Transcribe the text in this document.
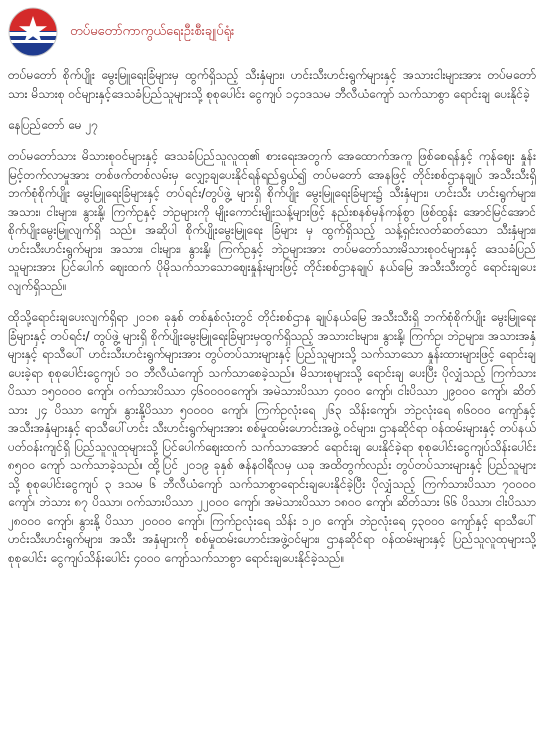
တပ်မတော်ကာကွယ်ရေးဦးစီးချုပ်ရုံး

တပ်မတော် စိုက်ပျိုး မွေးမြူရေးခြံများမှ ထွက်ရှိသည့် သီးနှံများ၊ ဟင်းသီးဟင်းရွက်များနှင့် အသားငါးများအား တပ်မတော်သား မိသားစု ဝင်များနှင့်ဒေသခံပြည်သူများသို့ စုစုပေါင်း ငွေကျပ် ၁၄၁ဒသမ ဘီလီယံကျော် သက်သာစွာ ရောင်းချ ပေးနိုင်ခဲ့

နေပြည်တော် မေ ၂၇

တပ်မတော်သား မိသားစုဝင်များနှင့် ဒေသခံပြည်သူလူထု၏ စားရေးအတွက် အေထောက်အကူ ဖြစ်စေရန်နှင့် ကုန်ဈေး နှုန်း မြင့်တက်လာမှုအား တစ်ဖက်တစ်လမ်းမှ လျှော့ချပေးနိုင်ရန်ရည်ရွယ်၍ တပ်မတော် အေနဖြင့် တိုင်းစစ်ဌာနချုပ် အသီးသီးရှိ ဘက်စုံစိုက်ပျိုး မွေးမြူရေးခြံများနှင့် တပ်ရင်း/တွပ်ဖွဲ့ များရှိ စိုက်ပျိုး မွေးမြူရေးခြံများ၌ သီးနှံများ၊ ဟင်းသီး ဟင်းရွက်များ၊ အသား၊ ငါးများ၊ နွားနို့၊ ကြက်ဥနှင့် ဘဲဥများကို မျိုးကောင်းမျိုးသန့်များဖြင့် နည်းစနစ်မှန်ကန်စွာ ဖြစ်ထွန်း အောင်မြင်အောင် စိုက်ပျိုးမွေးမြူလျက်ရှိ သည်။ အဆိုပါ စိုက်ပျိုးမွေးမြူရေး ခြံများ မှ ထွက်ရှိသည့် သန့်ရှင်းလတ်ဆတ်သော သီးနှံများ၊ ဟင်းသီးဟင်းရွက်များ၊ အသား၊ ငါးများ၊ နွားနို့၊ ကြက်ဥနှင့် ဘဲဥများအား တပ်မတော်သားမိသားစုဝင်များနှင့် ဒေသခံပြည်သူများအား ပြင်ပေါက် ဈေးထက် ပိုမိုသက်သာသောဈေးနှုန်းများဖြင့် တိုင်းစစ်ဌာနချုပ် နယ်မြေ အသီးသီးတွင် ရောင်းချပေးလျက်ရှိသည်။

ထိုသို့ရောင်းချပေးလျက်ရှိရာ ၂၀၁၈ ခုနှစ် တစ်နှစ်လုံးတွင် တိုင်းစစ်ဌာန ချုပ်နယ်မြေ အသီးသီးရှိ ဘက်စုံစိုက်ပျိုး မွေးမြူရေး ခြံများနှင့် တပ်ရင်း/ တွပ်ဖွဲ့ များရှိ စိုက်ပျိုးမွေးမြူရေးခြံများမှထွက်ရှိသည့် အသားငါးများ၊ နွားနို့၊ ကြက်ဥ၊ ဘဲဥများ၊ အသားအနှံများနှင့် ရာသီပေါ် ဟင်းသီးဟင်းရွက်များအား တွပ်တပ်သားများနှင့် ပြည်သူများသို့ သက်သာသော နှုန်းထားများဖြင့် ရောင်းချပေးခဲ့ရာ စုစုပေါင်းငွေကျပ် ၁၀ ဘီလီယံကျော် သက်သာစေခဲ့သည်။ မိသားစုများသို့ ရောင်းချ ပေးပြီး ပိုလျှံသည့် ကြက်သားပိဿာ ၁၅၀၀၀၀ ကျော်၊ ဝက်သားပိဿာ ၄၆၀၀၀၀ကျော်၊ အမဲသားပိဿာ ၄၀၀၀ ကျော်၊ ငါးပိဿာ ၂၉၀၀၀ ကျော်၊ ဆိတ်သား ၂၄ ပိဿာ ကျော်၊ နွားနို့ပိဿာ ၅၀၀၀၀ ကျော်၊ ကြက်ဥလုံးရေ ၂၆၃ သိန်းကျော်၊ ဘဲဥလုံးရေ ၈၆၀၀၀ ကျော်နှင့် အသီးအနှံများနှင့် ရာသီပေါ်ဟင်း သီးဟင်းရွက်များအား စစ်မှုထမ်းဟောင်းအဖွဲ့ ဝင်များ၊ ဌာနဆိုင်ရာ ဝန်ထမ်းများနှင့် တပ်နယ် ပတ်ဝန်းကျင်ရှိ ပြည်သူလူထုများသို့ ပြင်ပေါက်ဈေးထက် သက်သာအောင် ရောင်းချ ပေးနိုင်ခဲ့ရာ စုစုပေါင်းငွေကျပ်သိန်းပေါင်း ၈၅၀၀ ကျော် သက်သာခဲ့သည်။ ထို့ပြင် ၂၀၁၉ ခုနှစ် ဇန်နဝါရီလမှ ယခု အထိတွက်လည်း တွပ်တပ်သားများနှင့် ပြည်သူများသို့ စုစုပေါင်းငွေကျပ် ၃ ဒသမ ၆ ဘီလီယံကျော် သက်သာစွာရောင်းချပေးနိုင်ခဲ့ပြီး ပိုလျှံသည့် ကြက်သားပိဿာ ၇၀၀၀၀ ကျော်၊ ဘဲသား ၈၇ ပိဿာ၊ ဝက်သားပိဿာ ၂၂၀၀၀ ကျော်၊ အမဲသားပိဿာ ၁၈၀၀ ကျော်၊ ဆိတ်သား ၆၆ ပိဿာ၊ ငါးပိဿာ ၂၈၀၀၀ ကျော်၊ နွားနို့ ပိဿာ ၂၀၀၀၀ ကျော်၊ ကြက်ဥလုံးရေ သိန်း ၁၂၀ ကျော်၊ ဘဲဥလုံးရေ ၄၃၀၀၀ ကျော်နှင့် ရာသီပေါ် ဟင်းသီးဟင်းရွက်များ၊ အသီး အနှံများကို စစ်မှုထမ်းဟောင်းအဖွဲ့ဝင်များ၊ ဌာနဆိုင်ရာ ဝန်ထမ်းများနှင့် ပြည်သူလူထုများသို့ စုစုပေါင်း ငွေကျပ်သိန်းပေါင်း ၄၀၀၀ ကျော်သက်သာစွာ ရောင်းချပေးနိုင်ခဲ့သည်။
